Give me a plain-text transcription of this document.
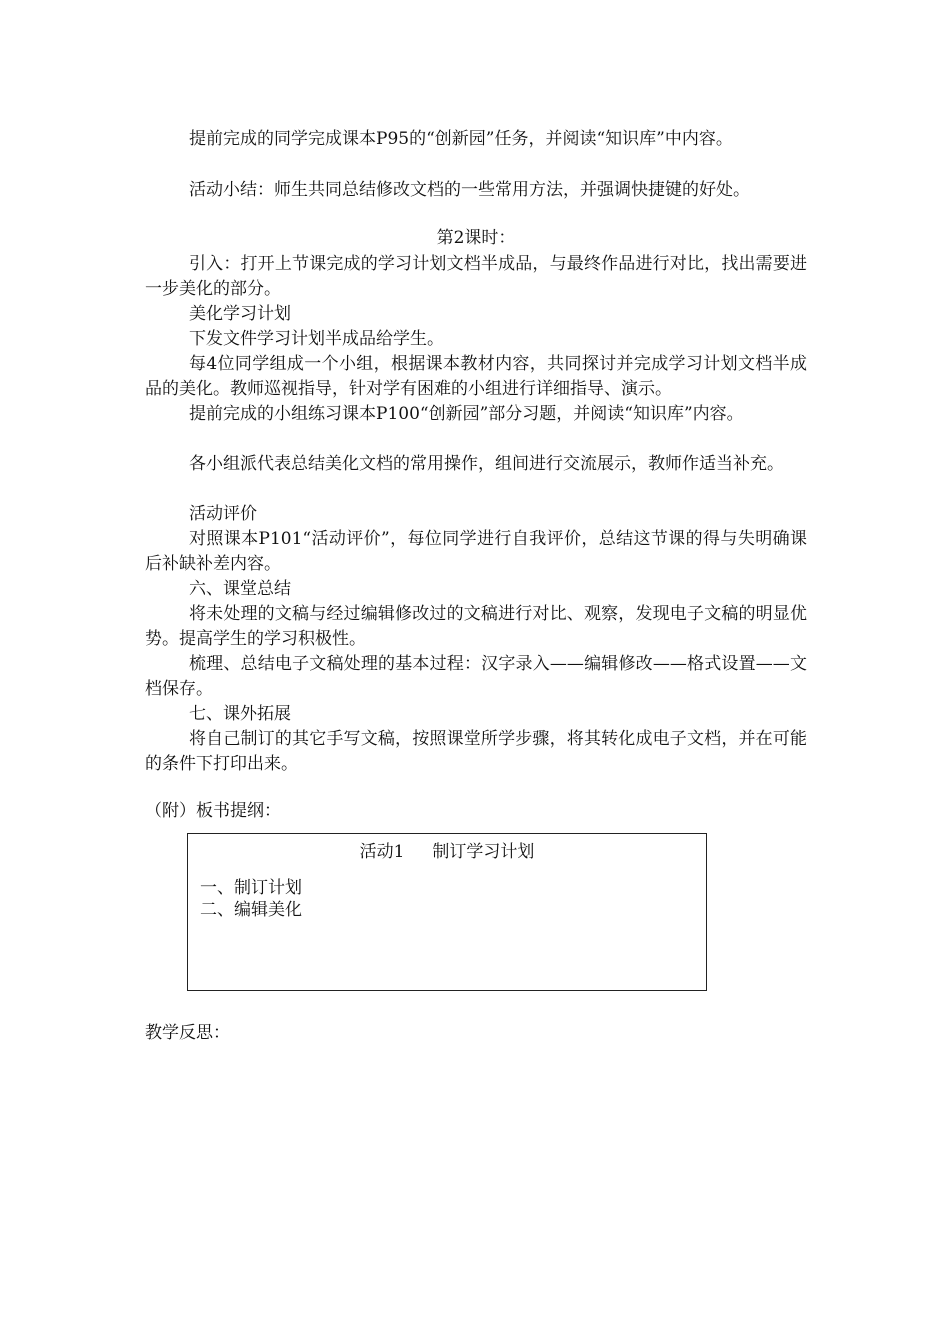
提前完成的同学完成课本P95的“创新园”任务，并阅读“知识库”中内容。

活动小结：师生共同总结修改文档的一些常用方法，并强调快捷键的好处。

第2课时：

引入：打开上节课完成的学习计划文档半成品，与最终作品进行对比，找出需要进一步美化的部分。

美化学习计划

下发文件学习计划半成品给学生。

每4位同学组成一个小组，根据课本教材内容，共同探讨并完成学习计划文档半成品的美化。教师巡视指导，针对学有困难的小组进行详细指导、演示。

提前完成的小组练习课本P100“创新园”部分习题，并阅读“知识库”内容。

各小组派代表总结美化文档的常用操作，组间进行交流展示，教师作适当补充。

活动评价

对照课本P101“活动评价”，每位同学进行自我评价，总结这节课的得与失明确课后补缺补差内容。

六、课堂总结

将未处理的文稿与经过编辑修改过的文稿进行对比、观察，发现电子文稿的明显优势。提高学生的学习积极性。

梳理、总结电子文稿处理的基本过程：汉字录入——编辑修改——格式设置——文档保存。

七、课外拓展

将自己制订的其它手写文稿，按照课堂所学步骤，将其转化成电子文档，并在可能的条件下打印出来。

（附）板书提纲：

活动1 制订学习计划
一、制订计划
二、编辑美化

教学反思：
